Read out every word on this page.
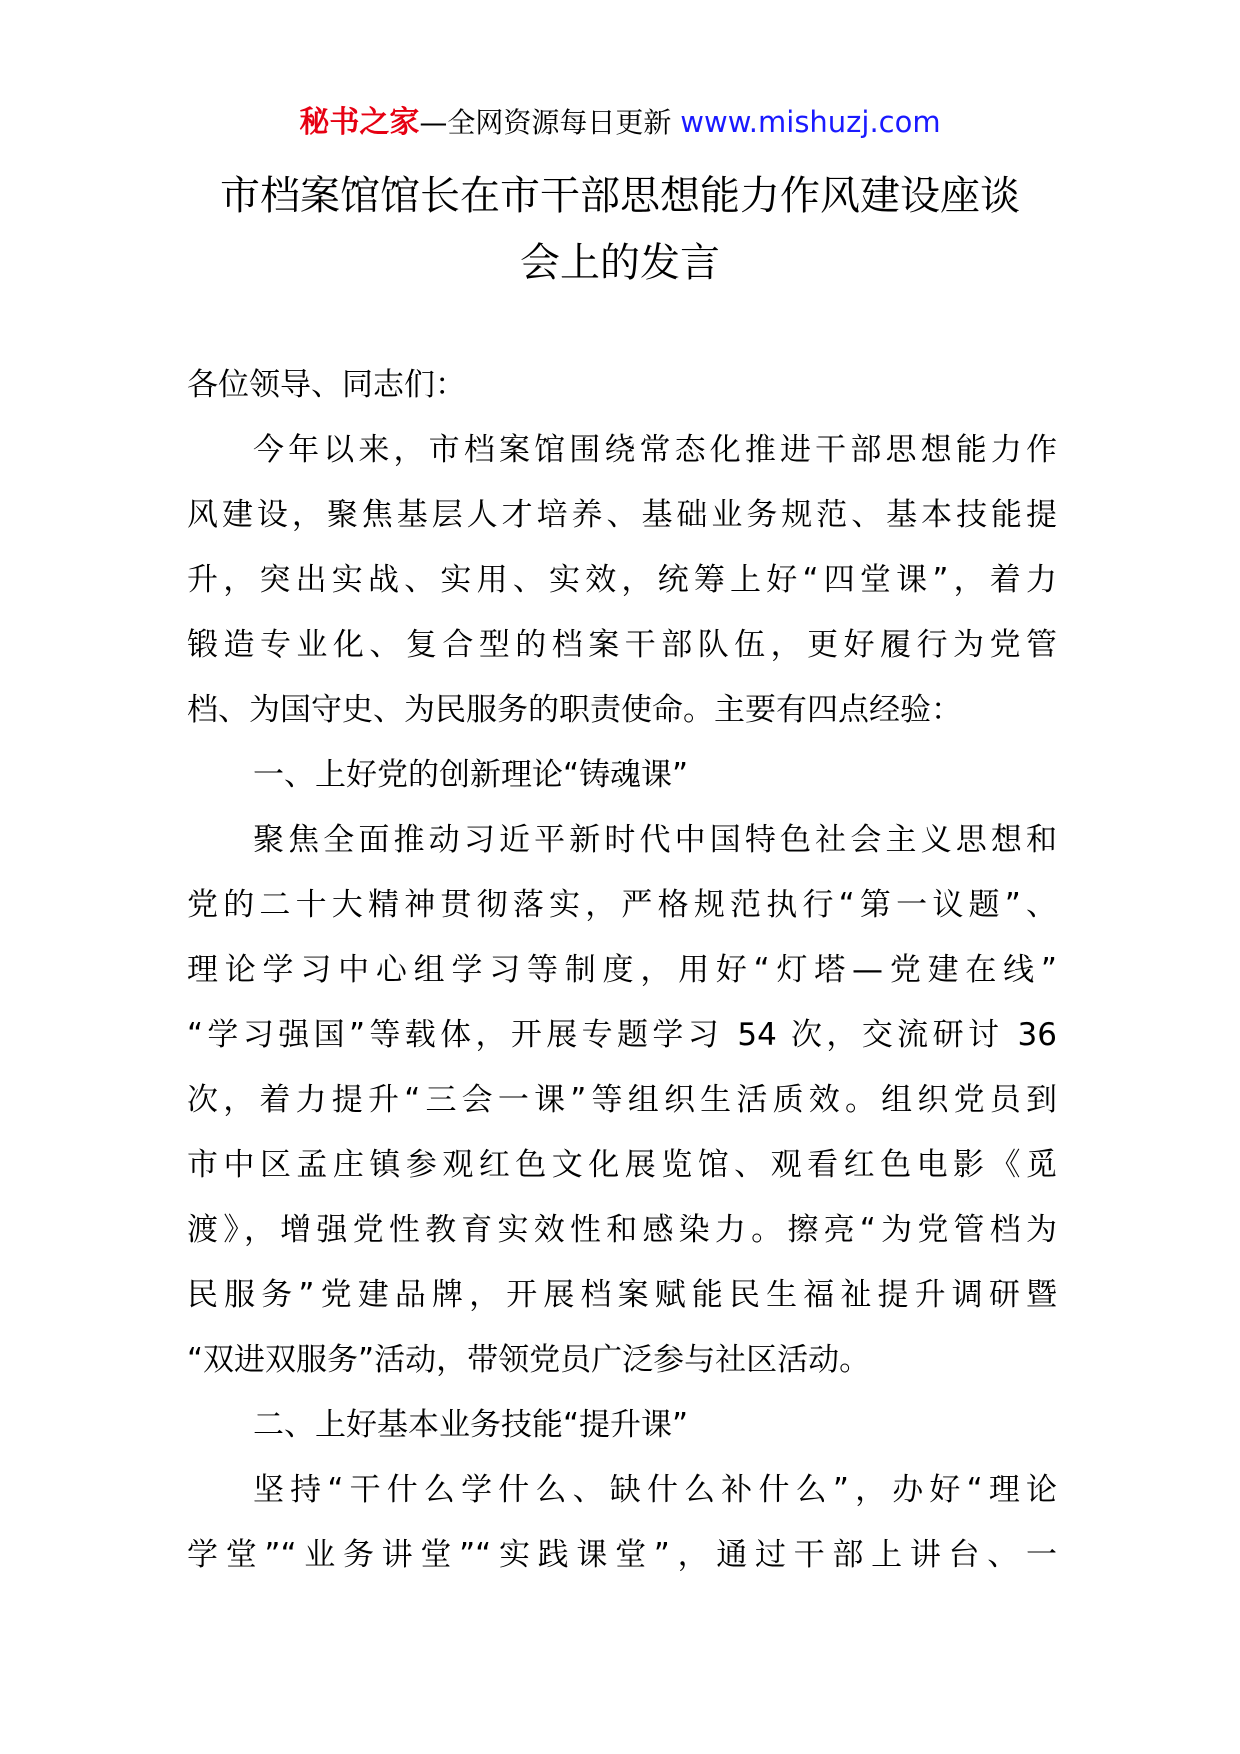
秘书之家—全网资源每日更新 www.mishuzj.com
市档案馆馆长在市干部思想能力作风建设座谈
会上的发言
各位领导、同志们：
今年以来，市档案馆围绕常态化推进干部思想能力作
风建设，聚焦基层人才培养、基础业务规范、基本技能提
升，突出实战、实用、实效，统筹上好“四堂课”，着力
锻造专业化、复合型的档案干部队伍，更好履行为党管
档、为国守史、为民服务的职责使命。主要有四点经验：
一、上好党的创新理论“铸魂课”
聚焦全面推动习近平新时代中国特色社会主义思想和
党的二十大精神贯彻落实，严格规范执行“第一议题”、
理论学习中心组学习等制度，用好“灯塔—党建在线”
“学习强国”等载体，开展专题学习 54 次，交流研讨 36
次，着力提升“三会一课”等组织生活质效。组织党员到
市中区孟庄镇参观红色文化展览馆、观看红色电影《觅
渡》，增强党性教育实效性和感染力。擦亮“为党管档为
民服务”党建品牌，开展档案赋能民生福祉提升调研暨
“双进双服务”活动，带领党员广泛参与社区活动。
二、上好基本业务技能“提升课”
坚持“干什么学什么、缺什么补什么”，办好“理论
学堂”“业务讲堂”“实践课堂”，通过干部上讲台、一
